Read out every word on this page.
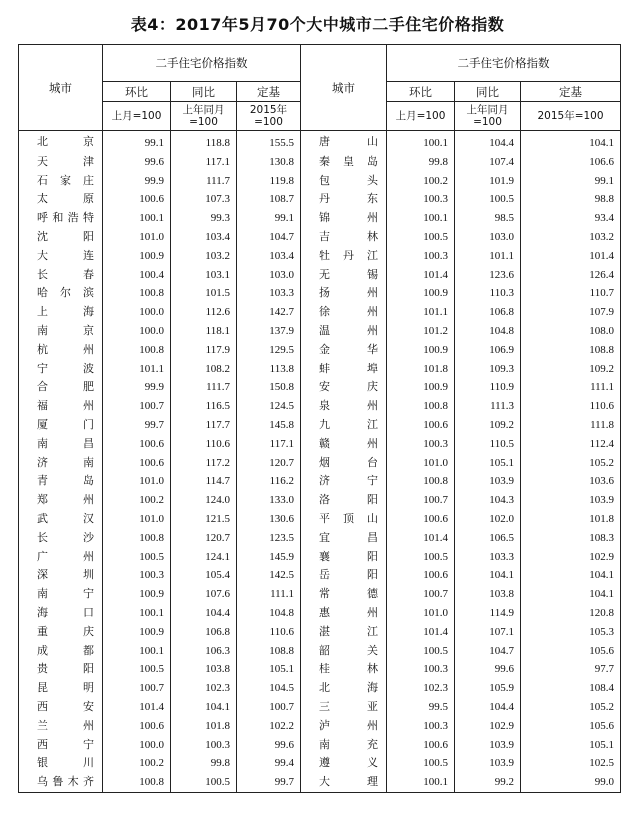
表4：2017年5月70个大中城市二手住宅价格指数
城市	二手住宅价格指数			城市	二手住宅价格指数		
	环比	同比	定基		环比	同比	定基
	上月=100	上年同月=100	2015年=100		上月=100	上年同月=100	2015年=100
北京	99.1	118.8	155.5	唐山	100.1	104.4	104.1
天津	99.6	117.1	130.8	秦皇岛	99.8	107.4	106.6
石家庄	99.9	111.7	119.8	包头	100.2	101.9	99.1
太原	100.6	107.3	108.7	丹东	100.3	100.5	98.8
呼和浩特	100.1	99.3	99.1	锦州	100.1	98.5	93.4
沈阳	101.0	103.4	104.7	吉林	100.5	103.0	103.2
大连	100.9	103.2	103.4	牡丹江	100.3	101.1	101.4
长春	100.4	103.1	103.0	无锡	101.4	123.6	126.4
哈尔滨	100.8	101.5	103.3	扬州	100.9	110.3	110.7
上海	100.0	112.6	142.7	徐州	101.1	106.8	107.9
南京	100.0	118.1	137.9	温州	101.2	104.8	108.0
杭州	100.8	117.9	129.5	金华	100.9	106.9	108.8
宁波	101.1	108.2	113.8	蚌埠	101.8	109.3	109.2
合肥	99.9	111.7	150.8	安庆	100.9	110.9	111.1
福州	100.7	116.5	124.5	泉州	100.8	111.3	110.6
厦门	99.7	117.7	145.8	九江	100.6	109.2	111.8
南昌	100.6	110.6	117.1	赣州	100.3	110.5	112.4
济南	100.6	117.2	120.7	烟台	101.0	105.1	105.2
青岛	101.0	114.7	116.2	济宁	100.8	103.9	103.6
郑州	100.2	124.0	133.0	洛阳	100.7	104.3	103.9
武汉	101.0	121.5	130.6	平顶山	100.6	102.0	101.8
长沙	100.8	120.7	123.5	宜昌	101.4	106.5	108.3
广州	100.5	124.1	145.9	襄阳	100.5	103.3	102.9
深圳	100.3	105.4	142.5	岳阳	100.6	104.1	104.1
南宁	100.9	107.6	111.1	常德	100.7	103.8	104.1
海口	100.1	104.4	104.8	惠州	101.0	114.9	120.8
重庆	100.9	106.8	110.6	湛江	101.4	107.1	105.3
成都	100.1	106.3	108.8	韶关	100.5	104.7	105.6
贵阳	100.5	103.8	105.1	桂林	100.3	99.6	97.7
昆明	100.7	102.3	104.5	北海	102.3	105.9	108.4
西安	101.4	104.1	100.7	三亚	99.5	104.4	105.2
兰州	100.6	101.8	102.2	泸州	100.3	102.9	105.6
西宁	100.0	100.3	99.6	南充	100.6	103.9	105.1
银川	100.2	99.8	99.4	遵义	100.5	103.9	102.5
乌鲁木齐	100.8	100.5	99.7	大理	100.1	99.2	99.0
